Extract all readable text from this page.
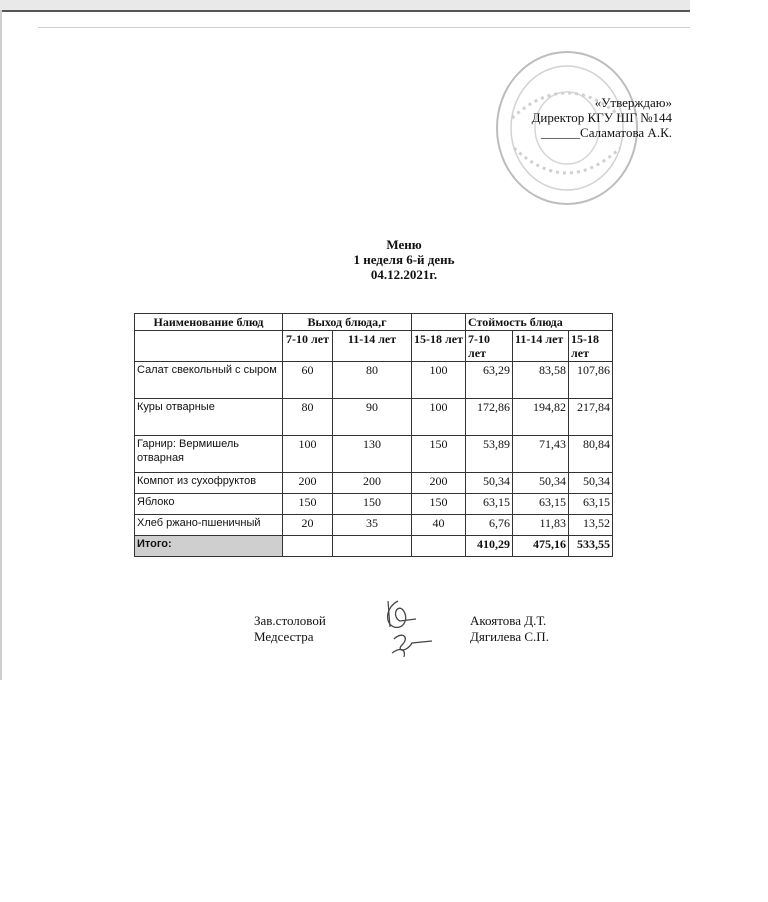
«Утверждаю»
Директор КГУ ШГ №144
______Саламатова А.К.
Меню
1 неделя 6-й день
04.12.2021г.
Наименование блюд	Выход блюда,г			Стоймость блюда		
	7-10 лет	11-14 лет	15-18 лет	7-10 лет	11-14 лет	15-18 лет
Салат свекольный с сыром	60	80	100	63,29	83,58	107,86
Куры отварные	80	90	100	172,86	194,82	217,84
Гарнир: Вермишель отварная	100	130	150	53,89	71,43	80,84
Компот из сухофруктов	200	200	200	50,34	50,34	50,34
Яблоко	150	150	150	63,15	63,15	63,15
Хлеб ржано-пшеничный	20	35	40	6,76	11,83	13,52
Итого:				410,29	475,16	533,55
Зав.столовой
Медсестра
Акоятова Д.Т.
Дягилева С.П.
